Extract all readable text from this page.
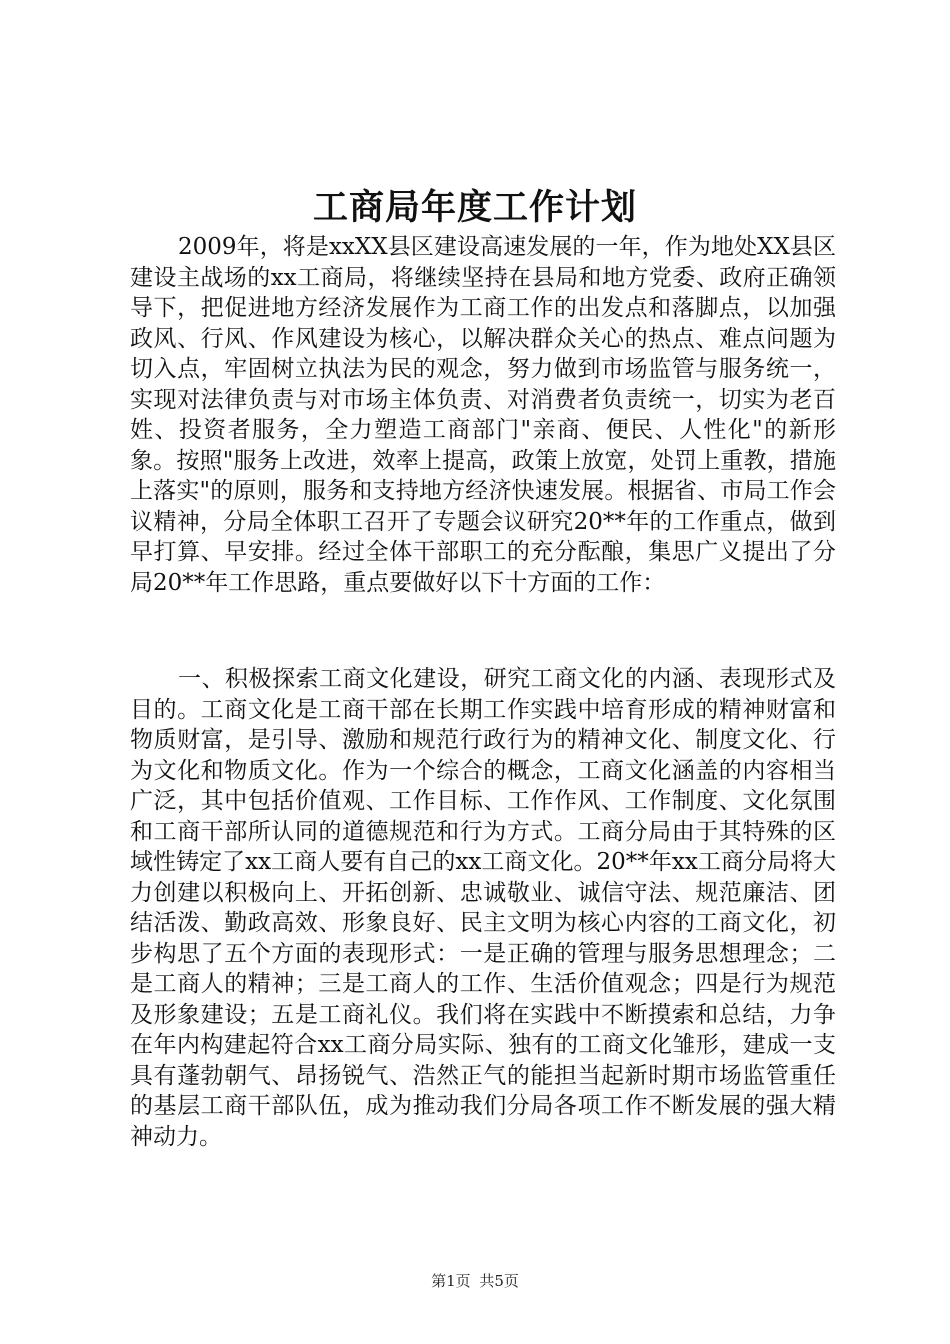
工商局年度工作计划

2009年，将是xxXX县区建设高速发展的一年，作为地处XX县区建设主战场的xx工商局，将继续坚持在县局和地方党委、政府正确领导下，把促进地方经济发展作为工商工作的出发点和落脚点，以加强政风、行风、作风建设为核心，以解决群众关心的热点、难点问题为切入点，牢固树立执法为民的观念，努力做到市场监管与服务统一，实现对法律负责与对市场主体负责、对消费者负责统一，切实为老百姓、投资者服务，全力塑造工商部门"亲商、便民、人性化"的新形象。按照"服务上改进，效率上提高，政策上放宽，处罚上重教，措施上落实"的原则，服务和支持地方经济快速发展。根据省、市局工作会议精神，分局全体职工召开了专题会议研究20**年的工作重点，做到早打算、早安排。经过全体干部职工的充分酝酿，集思广义提出了分局20**年工作思路，重点要做好以下十方面的工作：

一、积极探索工商文化建设，研究工商文化的内涵、表现形式及目的。工商文化是工商干部在长期工作实践中培育形成的精神财富和物质财富，是引导、激励和规范行政行为的精神文化、制度文化、行为文化和物质文化。作为一个综合的概念，工商文化涵盖的内容相当广泛，其中包括价值观、工作目标、工作作风、工作制度、文化氛围和工商干部所认同的道德规范和行为方式。工商分局由于其特殊的区域性铸定了xx工商人要有自己的xx工商文化。20**年xx工商分局将大力创建以积极向上、开拓创新、忠诚敬业、诚信守法、规范廉洁、团结活泼、勤政高效、形象良好、民主文明为核心内容的工商文化，初步构思了五个方面的表现形式：一是正确的管理与服务思想理念；二是工商人的精神；三是工商人的工作、生活价值观念；四是行为规范及形象建设；五是工商礼仪。我们将在实践中不断摸索和总结，力争在年内构建起符合xx工商分局实际、独有的工商文化雏形，建成一支具有蓬勃朝气、昂扬锐气、浩然正气的能担当起新时期市场监管重任的基层工商干部队伍，成为推动我们分局各项工作不断发展的强大精神动力。

第1页 共5页
